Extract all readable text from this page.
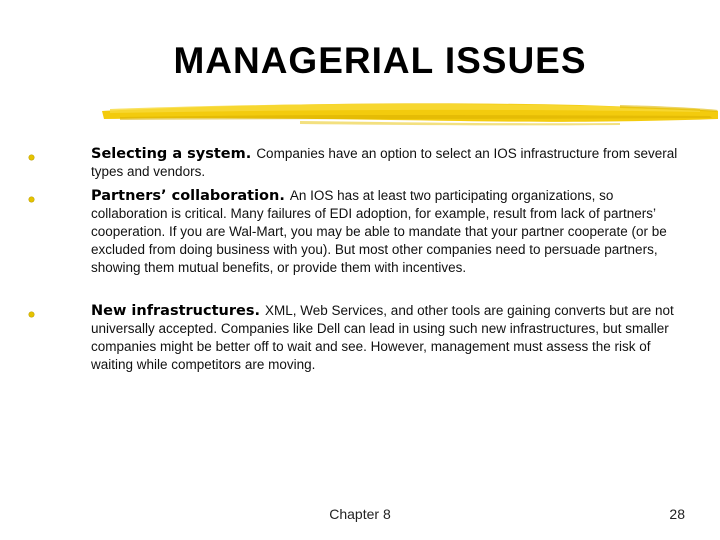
MANAGERIAL ISSUES
Selecting a system. Companies have an option to select an IOS infrastructure from several types and vendors.
Partners’ collaboration. An IOS has at least two participating organizations, so collaboration is critical. Many failures of EDI adoption, for example, result from lack of partners’ cooperation. If you are Wal-Mart, you may be able to mandate that your partner cooperate (or be excluded from doing business with you). But most other companies need to persuade partners, showing them mutual benefits, or provide them with incentives.
New infrastructures. XML, Web Services, and other tools are gaining converts but are not universally accepted. Companies like Dell can lead in using such new infrastructures, but smaller companies might be better off to wait and see. However, management must assess the risk of waiting while competitors are moving.
Chapter 8	28
